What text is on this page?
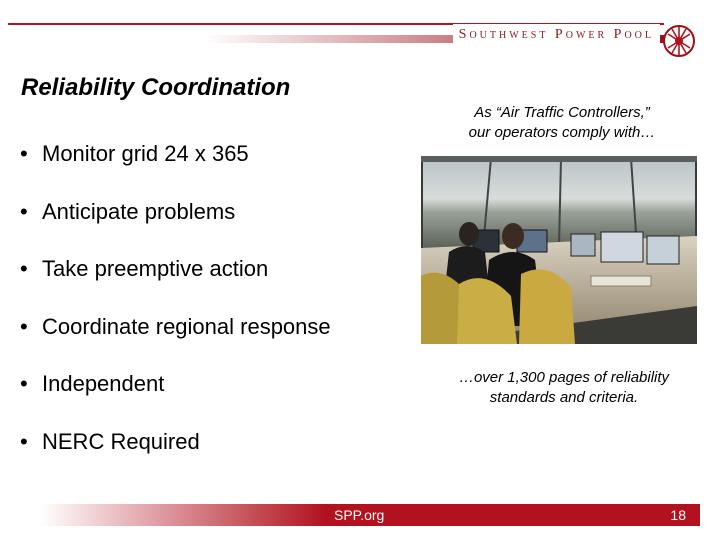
Southwest Power Pool
Reliability Coordination
• Monitor grid 24 x 365
• Anticipate problems
• Take preemptive action
• Coordinate regional response
• Independent
• NERC Required
As “Air Traffic Controllers,”
our operators comply with…
…over 1,300 pages of reliability
standards and criteria.
SPP.org	18
